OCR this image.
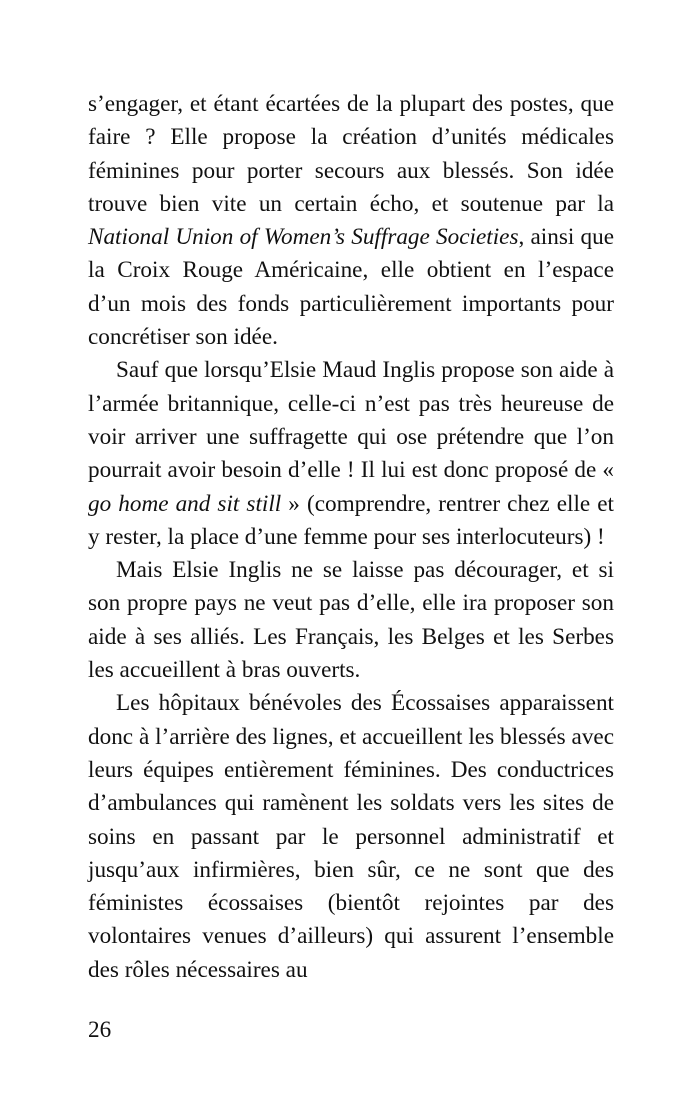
s’engager, et étant écartées de la plupart des postes, que faire ? Elle propose la création d’unités médicales féminines pour porter secours aux blessés. Son idée trouve bien vite un certain écho, et soutenue par la National Union of Women’s Suffrage Societies, ainsi que la Croix Rouge Américaine, elle obtient en l’espace d’un mois des fonds particulièrement importants pour concrétiser son idée.

Sauf que lorsqu’Elsie Maud Inglis propose son aide à l’armée britannique, celle-ci n’est pas très heureuse de voir arriver une suffragette qui ose prétendre que l’on pourrait avoir besoin d’elle ! Il lui est donc proposé de « go home and sit still » (comprendre, rentrer chez elle et y rester, la place d’une femme pour ses interlocuteurs) !

Mais Elsie Inglis ne se laisse pas décourager, et si son propre pays ne veut pas d’elle, elle ira proposer son aide à ses alliés. Les Français, les Belges et les Serbes les accueillent à bras ouverts.

Les hôpitaux bénévoles des Écossaises apparaissent donc à l’arrière des lignes, et accueillent les blessés avec leurs équipes entièrement féminines. Des conductrices d’ambulances qui ramènent les soldats vers les sites de soins en passant par le personnel administratif et jusqu’aux infirmières, bien sûr, ce ne sont que des féministes écossaises (bientôt rejointes par des volontaires venues d’ailleurs) qui assurent l’ensemble des rôles nécessaires au

26
